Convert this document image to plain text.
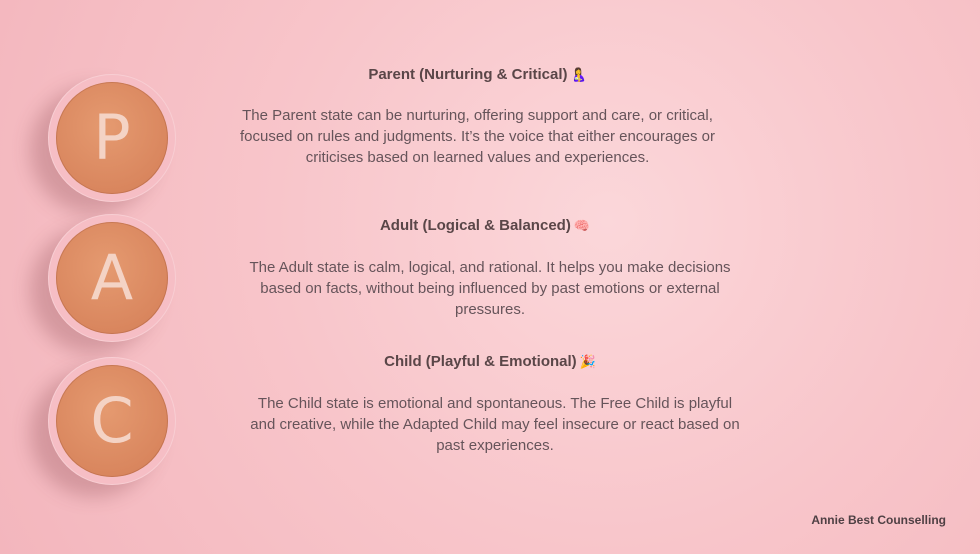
P
A
C

Parent (Nurturing & Critical) 🤱

The Parent state can be nurturing, offering support and care, or critical,
focused on rules and judgments. It’s the voice that either encourages or
criticises based on learned values and experiences.

Adult (Logical & Balanced) 🧠

The Adult state is calm, logical, and rational. It helps you make decisions
based on facts, without being influenced by past emotions or external
pressures.

Child (Playful & Emotional) 🎉

The Child state is emotional and spontaneous. The Free Child is playful
and creative, while the Adapted Child may feel insecure or react based on
past experiences.

Annie Best Counselling
